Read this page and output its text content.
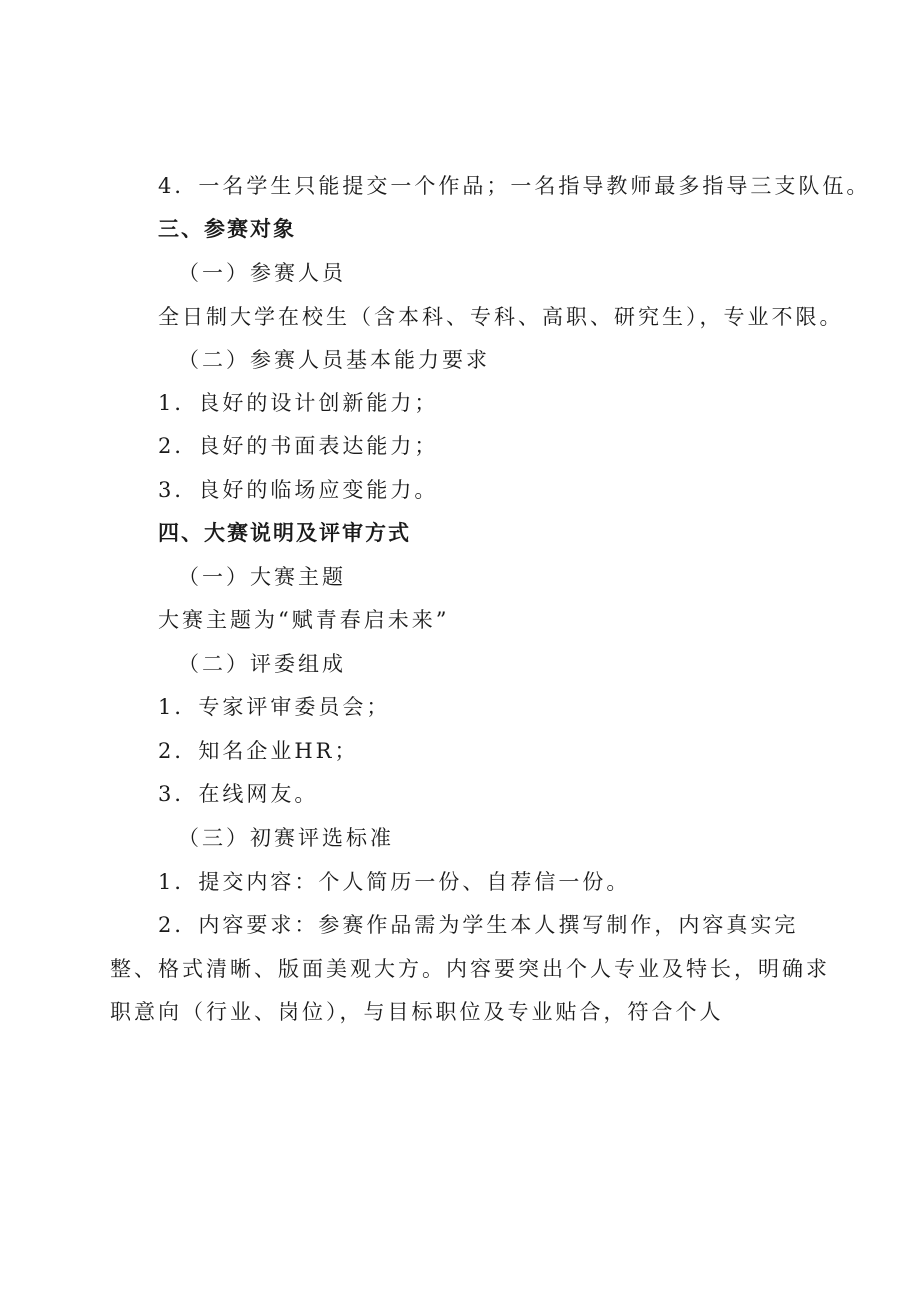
4．一名学生只能提交一个作品；一名指导教师最多指导三支队伍。
三、参赛对象
（一）参赛人员
全日制大学在校生（含本科、专科、高职、研究生），专业不限。
（二）参赛人员基本能力要求
1．良好的设计创新能力；
2．良好的书面表达能力；
3．良好的临场应变能力。
四、大赛说明及评审方式
（一）大赛主题
大赛主题为“赋青春启未来”
（二）评委组成
1．专家评审委员会；
2．知名企业HR；
3．在线网友。
（三）初赛评选标准
1．提交内容：个人简历一份、自荐信一份。
2．内容要求：参赛作品需为学生本人撰写制作，内容真实完
整、格式清晰、版面美观大方。内容要突出个人专业及特长，明确求
职意向（行业、岗位），与目标职位及专业贴合，符合个人
